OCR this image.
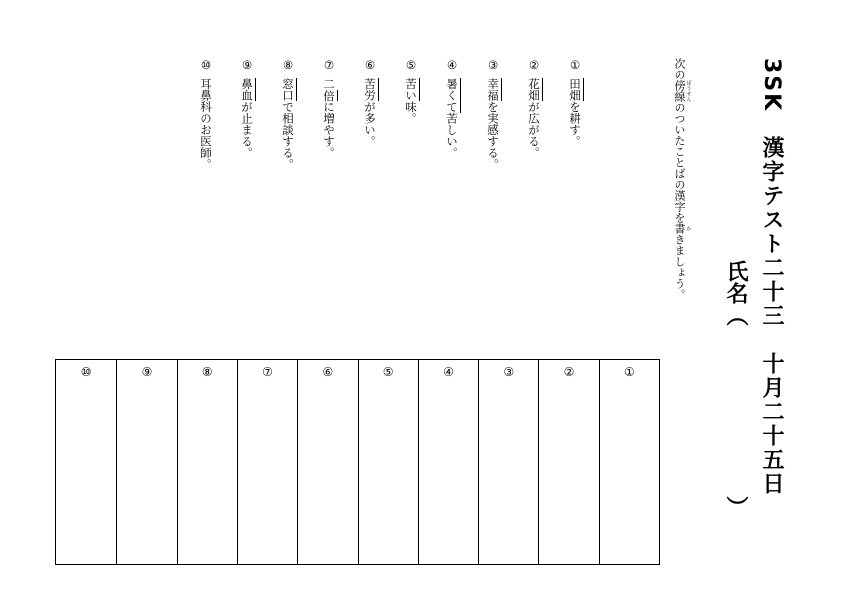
3SK　漢字テスト二十三　十月二十五日
氏名（
）
次の傍線 ぼうせんのついたことばの漢字を書 かきましょう。
①田畑を耕す。
②花畑が広がる。
③幸福を実感する。
④暑くて苦しい。
⑤苦い味。
⑥苦労が多い。
⑦二倍に増やす。
⑧窓口で相談する。
⑨鼻血が止まる。
⑩耳鼻科のお医師。
①
②
③
④
⑤
⑥
⑦
⑧
⑨
⑩
